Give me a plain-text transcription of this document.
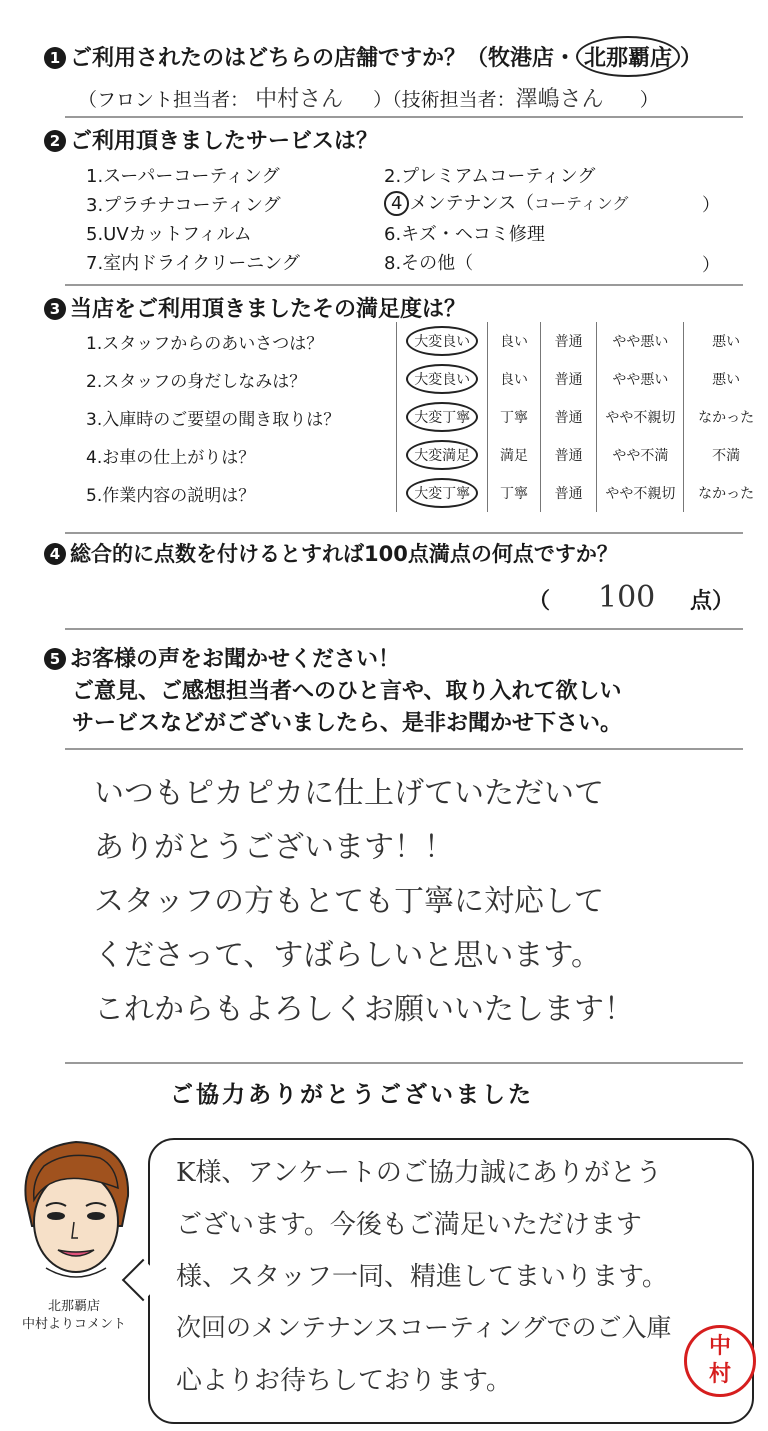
1 ご利用されたのはどちらの店舗ですか？（牧港店・ 北那覇店 ）
（フロント担当者： 中村さん ）（技術担当者：澤嶋さん ）
2 ご利用頂きましたサービスは？
1.スーパーコーティング	2.プレミアムコーティング
3.プラチナコーティング	4 メンテナンス（コーティング	）
5.UVカットフィルム	6.キズ・ヘコミ修理
7.室内ドライクリーニング	8.その他（	）
3 当店をご利用頂きましたその満足度は？
1.スタッフからのあいさつは？	大変良い	良い	普通	やや悪い	悪い
2.スタッフの身だしなみは？	大変良い	良い	普通	やや悪い	悪い
3.入庫時のご要望の聞き取りは？	大変丁寧	丁寧	普通	やや不親切	なかった
4.お車の仕上がりは？	大変満足	満足	普通	やや不満	不満
5.作業内容の説明は？	大変丁寧	丁寧	普通	やや不親切	なかった
4 総合的に点数を付けるとすれば100点満点の何点ですか？
（ 100 点）
5 お客様の声をお聞かせください！
ご意見、ご感想担当者へのひと言や、取り入れて欲しい
サービスなどがございましたら、是非お聞かせ下さい。
いつもピカピカに仕上げていただいて
ありがとうございます！！
スタッフの方もとても丁寧に対応して
くださって、すばらしいと思います。
これからもよろしくお願いいたします！
ご協力ありがとうございました
北那覇店
中村よりコメント
K様、アンケートのご協力誠にありがとう
ございます。今後もご満足いただけます
様、スタッフ一同、精進してまいります。
次回のメンテナンスコーティングでのご入庫
心よりお待ちしております。
中
村
